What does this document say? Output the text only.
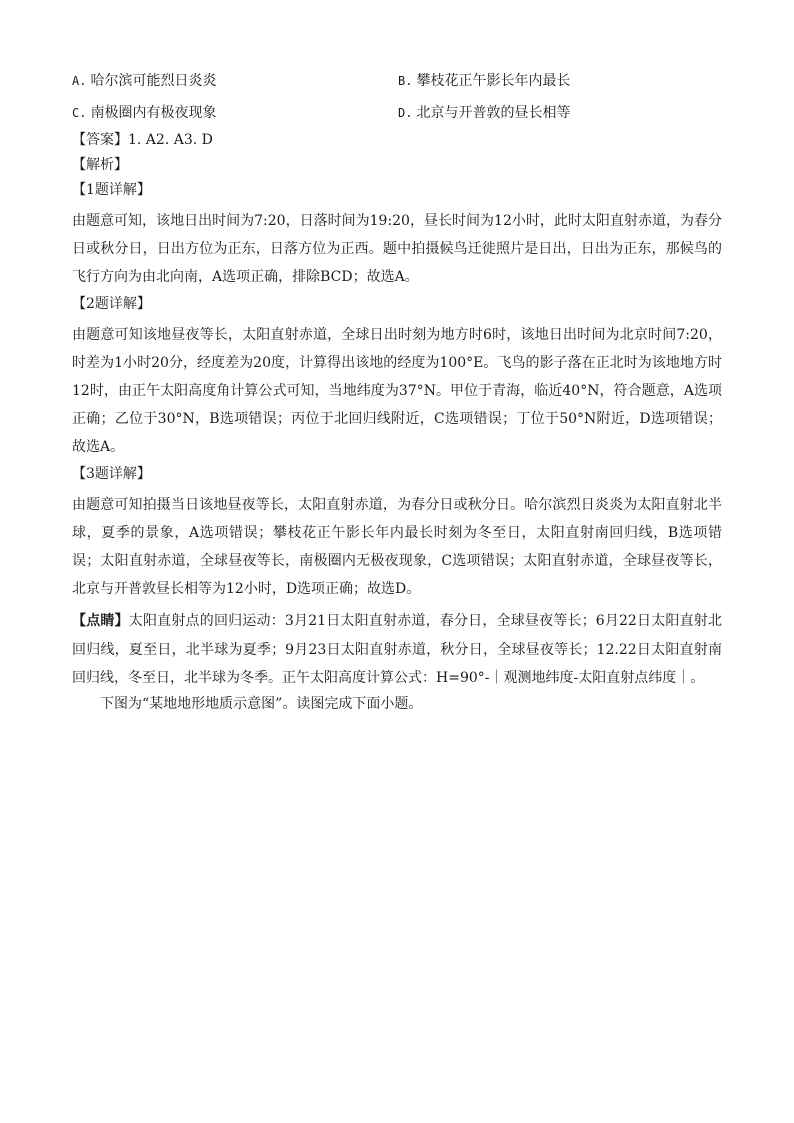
A. 哈尔滨可能烈日炎炎	B. 攀枝花正午影长年内最长
C. 南极圈内有极夜现象	D. 北京与开普敦的昼长相等
【答案】1. A2. A3. D
【解析】
【1题详解】

由题意可知，该地日出时间为7:20，日落时间为19:20，昼长时间为12小时，此时太阳直射赤道，为春分日或秋分日，日出方位为正东，日落方位为正西。题中拍摄候鸟迁徙照片是日出，日出为正东，那候鸟的飞行方向为由北向南，A选项正确，排除BCD；故选A。

【2题详解】

由题意可知该地昼夜等长，太阳直射赤道，全球日出时刻为地方时6时，该地日出时间为北京时间7:20，时差为1小时20分，经度差为20度，计算得出该地的经度为100°E。飞鸟的影子落在正北时为该地地方时12时，由正午太阳高度角计算公式可知，当地纬度为37°N。甲位于青海，临近40°N，符合题意，A选项正确；乙位于30°N，B选项错误；丙位于北回归线附近，C选项错误；丁位于50°N附近，D选项错误；故选A。

【3题详解】

由题意可知拍摄当日该地昼夜等长，太阳直射赤道，为春分日或秋分日。哈尔滨烈日炎炎为太阳直射北半球，夏季的景象，A选项错误；攀枝花正午影长年内最长时刻为冬至日，太阳直射南回归线，B选项错误；太阳直射赤道，全球昼夜等长，南极圈内无极夜现象，C选项错误；太阳直射赤道，全球昼夜等长，北京与开普敦昼长相等为12小时，D选项正确；故选D。

【点睛】太阳直射点的回归运动：3月21日太阳直射赤道，春分日，全球昼夜等长；6月22日太阳直射北回归线，夏至日，北半球为夏季；9月23日太阳直射赤道，秋分日，全球昼夜等长；12.22日太阳直射南回归线，冬至日，北半球为冬季。正午太阳高度计算公式：H=90°-｜观测地纬度-太阳直射点纬度｜。

下图为“某地地形地质示意图”。读图完成下面小题。
